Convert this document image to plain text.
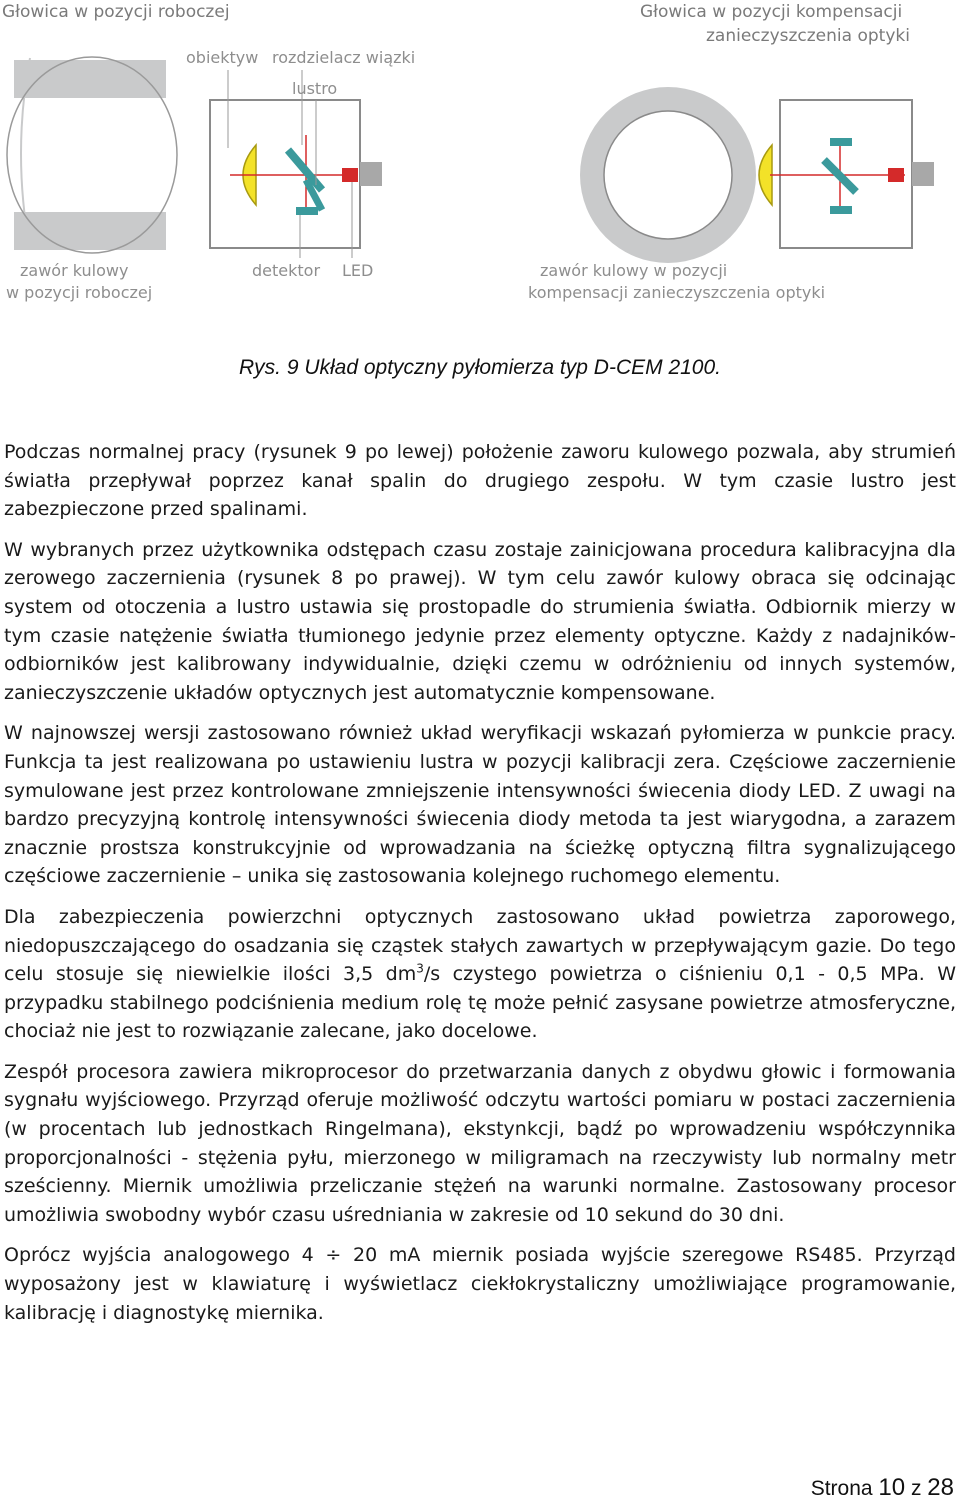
Głowica w pozycji roboczej	Głowica w pozycji kompensacji
zanieczyszczenia optyki
obiektyw rozdzielacz wiązki
lustro
zawór kulowy
w pozycji roboczej
detektor LED	zawór kulowy w pozycji
kompensacji zanieczyszczenia optyki
Rys. 9 Układ optyczny pyłomierza typ D-CEM 2100.

Podczas normalnej pracy (rysunek 9 po lewej) położenie zaworu kulowego pozwala, aby strumień światła przepływał poprzez kanał spalin do drugiego zespołu. W tym czasie lustro jest zabezpieczone przed spalinami.

W wybranych przez użytkownika odstępach czasu zostaje zainicjowana procedura kalibracyjna dla zerowego zaczernienia (rysunek 8 po prawej). W tym celu zawór kulowy obraca się odcinając system od otoczenia a lustro ustawia się prostopadle do strumienia światła. Odbiornik mierzy w tym czasie natężenie światła tłumionego jedynie przez elementy optyczne. Każdy z nadajników-odbiorników jest kalibrowany indywidualnie, dzięki czemu w odróżnieniu od innych systemów, zanieczyszczenie układów optycznych jest automatycznie kompensowane.

W najnowszej wersji zastosowano również układ weryfikacji wskazań pyłomierza w punkcie pracy. Funkcja ta jest realizowana po ustawieniu lustra w pozycji kalibracji zera. Częściowe zaczernienie symulowane jest przez kontrolowane zmniejszenie intensywności świecenia diody LED. Z uwagi na bardzo precyzyjną kontrolę intensywności świecenia diody metoda ta jest wiarygodna, a zarazem znacznie prostsza konstrukcyjnie od wprowadzania na ścieżkę optyczną filtra sygnalizującego częściowe zaczernienie – unika się zastosowania kolejnego ruchomego elementu.

Dla zabezpieczenia powierzchni optycznych zastosowano układ powietrza zaporowego, niedopuszczającego do osadzania się cząstek stałych zawartych w przepływającym gazie. Do tego celu stosuje się niewielkie ilości 3,5 $dm^3/s$ czystego powietrza o ciśnieniu 0,1 - 0,5 MPa. W przypadku stabilnego podciśnienia medium rolę tę może pełnić zasysane powietrze atmosferyczne, chociaż nie jest to rozwiązanie zalecane, jako docelowe.

Zespół procesora zawiera mikroprocesor do przetwarzania danych z obydwu głowic i formowania sygnału wyjściowego. Przyrząd oferuje możliwość odczytu wartości pomiaru w postaci zaczernienia (w procentach lub jednostkach Ringelmana), ekstynkcji, bądź po wprowadzeniu współczynnika proporcjonalności - stężenia pyłu, mierzonego w miligramach na rzeczywisty lub normalny metr sześcienny. Miernik umożliwia przeliczanie stężeń na warunki normalne. Zastosowany procesor umożliwia swobodny wybór czasu uśredniania w zakresie od 10 sekund do 30 dni.

Oprócz wyjścia analogowego 4 ÷ 20 mA miernik posiada wyjście szeregowe RS485. Przyrząd wyposażony jest w klawiaturę i wyświetlacz ciekłokrystaliczny umożliwiające programowanie, kalibrację i diagnostykę miernika.

Strona 10 z 28
